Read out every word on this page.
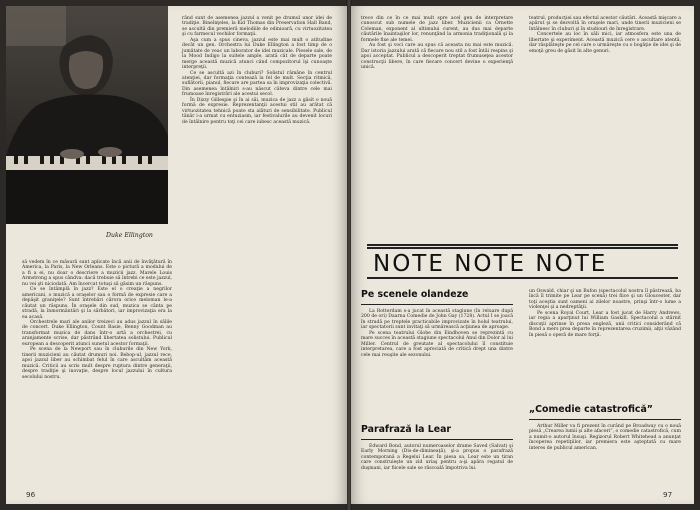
Duke Ellington

să vedem în ce măsură sunt aplicate încă anii de învăţătură în America, la Paris, la New Orleans. Este o pictură a modului de a fi a ei, nu doar o descriere a muzicii jazz. Marele Louis Armstrong a spus cândva: dacă trebuie să întrebi ce este jazzul, nu vei şti niciodată. Am încercat totuşi să găsim un răspuns.

Ce se întâmplă în jazz? Este el o creaţie a negrilor americani, o muzică a oraşelor sau o formă de expresie care a depăşit graniţele? Sunt întrebări cărora orice meloman le-a căutat un răspuns. În oraşele din sud, muzica se cânta pe stradă, la înmormântări şi la sărbători, iar improvizaţia era la ea acasă.

Orchestrele mari ale anilor treizeci au adus jazzul în sălile de concert. Duke Ellington, Count Basie, Benny Goodman au transformat muzica de dans într-o artă a orchestrei, cu aranjamente scrise, dar păstrând libertatea solistului. Publicul european a descoperit atunci sunetul acestor formaţii.

Pe scena de la Newport sau în cluburile din New York, tinerii muzicieni au căutat drumuri noi. Bebop-ul, jazzul rece, apoi jazzul liber au schimbat felul în care ascultăm această muzică. Criticii au scris mult despre ruptura dintre generaţii, despre tradiţie şi inovaţie, despre locul jazzului în cultura secolului nostru.

rând sunt de asemenea jazzul a venit pe drumul unor idei de tradiţie. Bineînţeles, la Kid Thomas din Preservation Hall Band, se ascultă din premieră melodiile de odinioară, cu virtuozitatea şi cu farmecul vechilor formaţii.

Aşa cum a spus cineva, jazzul este mai mult o atitudine decât un gen. Orchestra lui Duke Ellington a fost timp de o jumătate de veac un laborator de idei muzicale. Piesele sale, de la Mood Indigo la suitele ample, arată cât de departe poate merge această muzică atunci când compozitorul îşi cunoaşte interpreţii.

Ce se ascultă azi în cluburi? Solistul rămâne în centrul atenţiei, dar formaţia contează la fel de mult. Secţia ritmică, suflătorii, pianul, fiecare are partea sa în improvizaţia colectivă. Din asemenea întâlniri s-au născut câteva dintre cele mai frumoase înregistrări ale acestui secol.

În Dizzy Gillespie şi în ai săi, muzica de jazz a găsit o nouă formă de expresie. Reprezentanţii acestui stil au arătat că virtuozitatea tehnică poate sta alături de sensibilitate. Publicul tânăr i-a urmat cu entuziasm, iar festivalurile au devenit locuri de întâlnire pentru toţi cei care iubesc această muzică.

96

trece din ce în ce mai mult spre acel gen de interpretare cunoscut sub numele de jazz liber. Muzicienii ca Ornette Coleman, exponent al ultimului curent, au dus mai departe căutările înaintaşilor lor, renunţând la armonia tradiţională şi la formele fixe ale temei.

Au fost şi voci care au spus că aceasta nu mai este muzică. Dar istoria jazzului arată că fiecare nou stil a fost întâi respins şi apoi acceptat. Publicul a descoperit treptat frumuseţea acestor construcţii libere, în care fiecare concert devine o experienţă unică.

teatrul, producţiei sau efectul acestor căutări. Această mişcare a apărut şi se dezvoltă în oraşele mari, unde tinerii muzicieni se întâlnesc în cluburi şi în studiouri de înregistrare.

Concertele au loc în săli mici, iar atmosfera este una de libertate şi experiment. Această muzică cere o ascultare atentă, dar răsplăteşte pe cel care o urmăreşte cu o bogăţie de idei şi de emoţii greu de găsit în alte genuri.

NOTE NOTE NOTE
Pe scenele olandeze

La Rotterdam s-a jucat în această stagiune (în reluare după 200 de ori) Daarna Comedie de John Gay (1728). Actul I se joacă în stradă pe treptele practicabile improvizate în holul teatrului, iar spectatorii sunt invitaţi să urmărească acţiunea de aproape.

Pe scena teatrului Globe din Eindhoven se reprezintă cu mare succes în această stagiune spectacolul Anul din Dolor al lui Miller. Centrul de greutate al spectacolului îl constituie interpretarea, care a fost apreciată de critică drept una dintre cele mai reuşite ale sezonului.

Parafrază la Lear

Edward Bond, autorul numeroaselor drame Saved (Salvat) şi Early Morning (Dis-de-dimineaţă), şi-a propus o parafrază contemporană a Regelui Lear. În piesa sa, Lear este un tiran care construieşte un zid uriaş pentru a-şi apăra regatul de duşmani, iar fiicele sale se răscoală împotriva lui.

un Oswald, chiar şi un Bufon (spectacolul nostru îl păstrează, ba încă îl trimite pe Lear pe scenă) trei fiice şi un Gloucester, dar toţi aceştia sunt oameni ai zilelor noastre, prinşi într-o lume a violenţei şi a nedreptăţii.

Pe scena Royal Court, Lear a fost jucat de Harry Andrews, iar regia a aparţinut lui William Gaskill. Spectacolul a stârnit discuţii aprinse în presa engleză, unii critici considerând că Bond a mers prea departe în reprezentarea cruzimii, alţii văzând în piesă o operă de mare forţă.

„Comedie catastrofică”

Arthur Miller va fi prezent în curând pe Broadway cu o nouă piesă „Crearea lumii şi alte afaceri”, o comedie catastrofică, cum a numit-o autorul însuşi. Regizorul Robert Whitehead a anunţat începerea repetiţiilor, iar premiera este aşteptată cu mare interes de publicul american.

97
